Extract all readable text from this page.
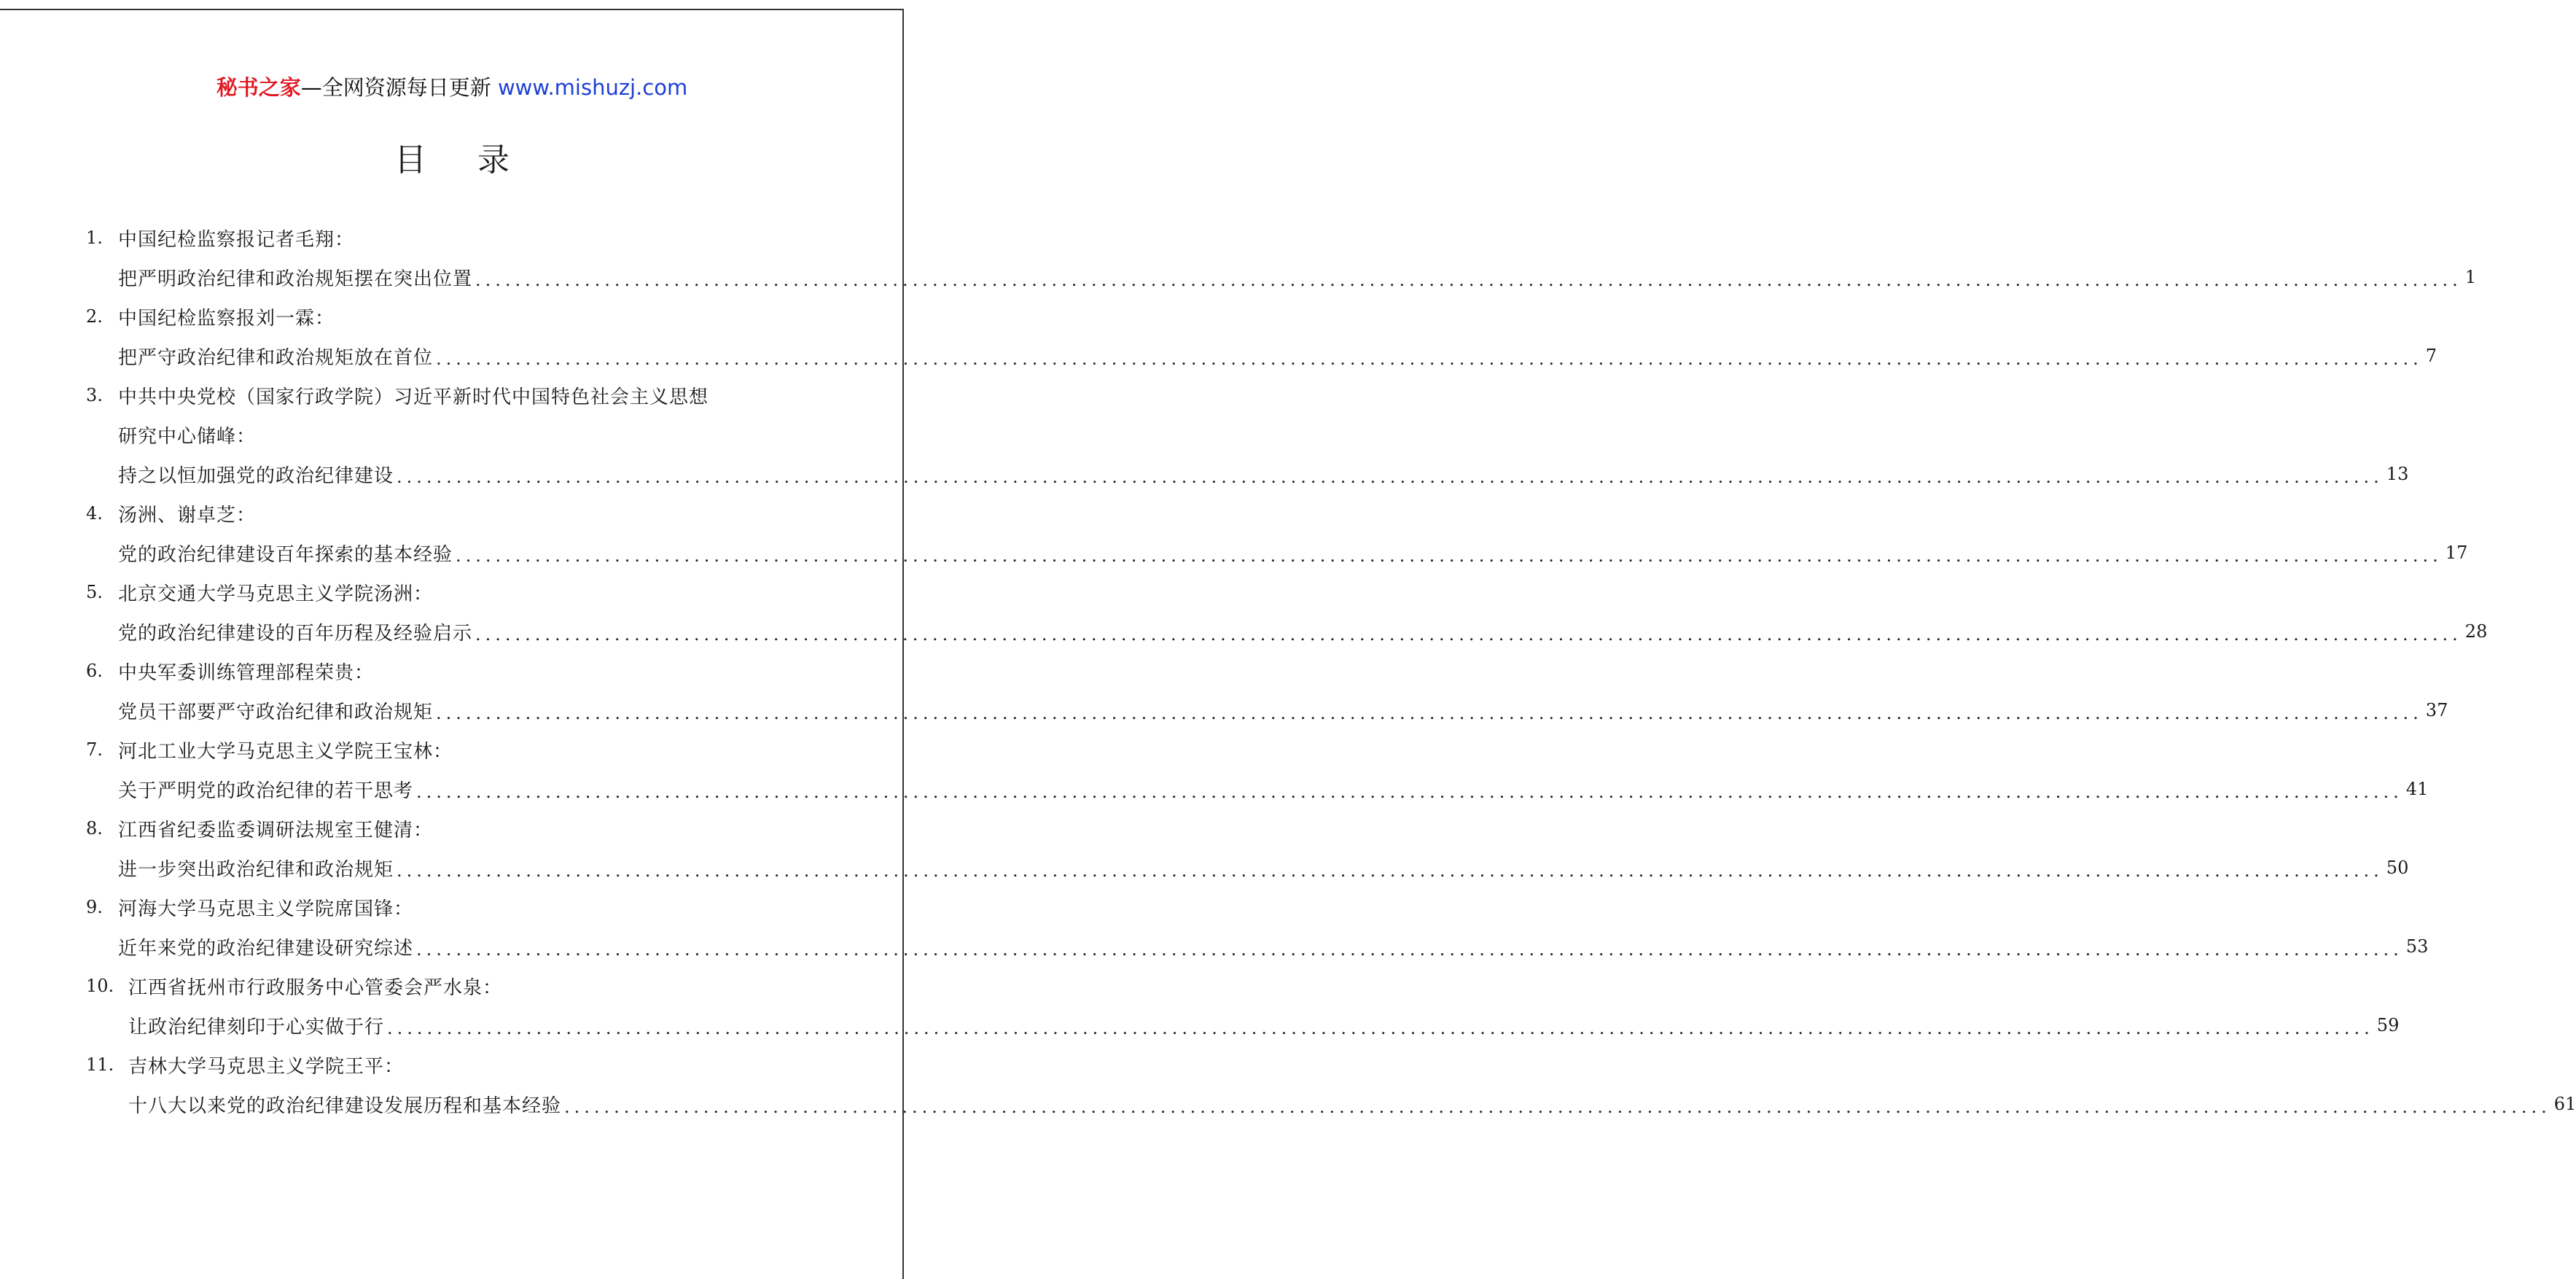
秘书之家—全网资源每日更新 www.mishuzj.com
目 录
1. 中国纪检监察报记者毛翔：
把严明政治纪律和政治规矩摆在突出位置 ........................................................................................................................................................................................................ 1
2. 中国纪检监察报刘一霖：
把严守政治纪律和政治规矩放在首位 ........................................................................................................................................................................................................ 7
3. 中共中央党校（国家行政学院）习近平新时代中国特色社会主义思想
研究中心储峰：
持之以恒加强党的政治纪律建设 ........................................................................................................................................................................................................ 13
4. 汤洲、谢卓芝：
党的政治纪律建设百年探索的基本经验 ........................................................................................................................................................................................................ 17
5. 北京交通大学马克思主义学院汤洲：
党的政治纪律建设的百年历程及经验启示 ........................................................................................................................................................................................................ 28
6. 中央军委训练管理部程荣贵：
党员干部要严守政治纪律和政治规矩 ........................................................................................................................................................................................................ 37
7. 河北工业大学马克思主义学院王宝林：
关于严明党的政治纪律的若干思考 ........................................................................................................................................................................................................ 41
8. 江西省纪委监委调研法规室王健清：
进一步突出政治纪律和政治规矩 ........................................................................................................................................................................................................ 50
9. 河海大学马克思主义学院席国锋：
近年来党的政治纪律建设研究综述 ........................................................................................................................................................................................................ 53
10. 江西省抚州市行政服务中心管委会严水泉：
让政治纪律刻印于心实做于行 ........................................................................................................................................................................................................ 59
11. 吉林大学马克思主义学院王平：
十八大以来党的政治纪律建设发展历程和基本经验 ........................................................................................................................................................................................................ 61
